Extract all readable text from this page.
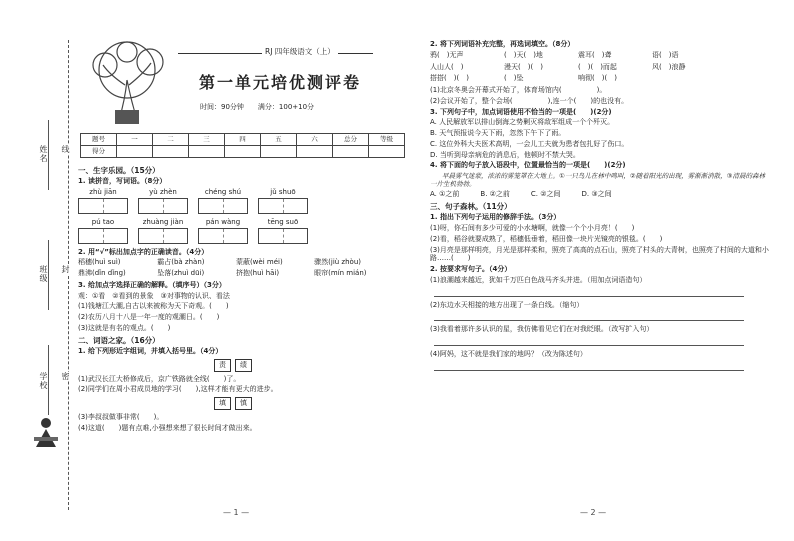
姓名
班级
学校
线
封
密
RJ 四年级语文（上）
第一单元培优测评卷
时间：90分钟　　满分：100+10分
题号	一	二	三	四	五	六	总分	等级
得分								
一、生字乐园。（15分）
1. 读拼音，写词语。（8分）
zhù jiān	yù zhèn	chéng shú	jǔ shuō
pú tao	zhuàng jiàn	pán wàng	tēng suō
2. 用“√”标出加点字的正确读音。（4分）
稻穗(huì suì)	霸占(bà zhàn)	蒙蔽(wèi méi)	骤然(jiù zhòu)
鼎沸(dǐn dǐng)	坠落(zhuì dūi)	挤抱(huì hāi)	眼帘(mín mián)
3. 给加点字选择正确的解释。（填序号）（3分）
观：①看　②看到的景象　③对事物的认识、看法
(1)钱塘江大潮,自古以来被称为天下奇观。(　　)
(2)农历八月十八是一年一度的观潮日。(　　)
(3)这就是有名的观点。(　　)
二、词语之家。（16分）
1. 给下列形近字组词，并填入括号里。（4分）
责	绩
(1)武汉长江大桥修成后，京广铁路就全线(　　)了。
(2)同学们在周小君成员地的学习(　　),这样才能有更大的进步。
填	慎
(3)李叔叔做事非常(　　)。
(4)这道(　　)题有点难,小强想来想了很长时间才做出来。
— 1 —
2. 将下列词语补充完整，再选词填空。（8分）
鸦(　)无声	(　)天(　)地	震耳(　)聋	语(　)语
人山人(　)	漫天(　)(　)	(　)(　)而起	风(　)浪静
搭搭(　)(　)	(　)坠	响彻(　)(　)
(1)北京冬奥会开幕式开始了，体育场馆内(　　　　　)。
(2)会议开始了，整个会场(　　　　　),连一个(　　)的也没有。
3. 下列句子中，加点词语使用不恰当的一项是(　　)(2分)
A. 人民解放军以排山倒海之势剿灭将敌军组成一个个歼灭。
B. 天气预报说今天下雨，忽然下午下了雨。
C. 这位外科大夫医术高明，一会儿工夫就为患者包扎好了伤口。
D. 当听到母亲病危的消息后，他顿时不禁大哭。
4. 将下面的句子放入语段中，位置最恰当的一项是(　　)(2分)
早晨雾气迷蒙，浓浓的雾笼罩在大地上。①一只鸟儿在林中鸣叫，②随着阳光的出现，雾渐渐消散，③清晨的森林一片生机勃勃。
A. ①之前　　　B. ②之前　　　C. ②之间　　　D. ③之间
三、句子森林。（11分）
1. 指出下列句子运用的修辞手法。（3分）
(1)呀，你石间有多少可爱的小水塘啊，就像一个个小月亮！(　　)
(2)看，稻谷就要成熟了，稻穗低垂着，稻田像一块片光镜亮的银毯。(　　)
(3)月亮是那样明亮，月光是那样柔和，照亮了高高的点石山，照亮了村头的大青树，也照亮了村间的大道和小路……(　　)
2. 按要求写句子。（4分）
(1)浪潮越来越近，犹如千万匹白色战马齐头并进。（用加点词语造句）
(2)东边水天相接的地方出现了一条白线。（缩句）
(3)我看着那许多认识的星，我仿佛看见它们在对我眨眼。（改写扩入句）
(4)阿妈，这不就是我们家的地吗？（改为陈述句）
— 2 —
